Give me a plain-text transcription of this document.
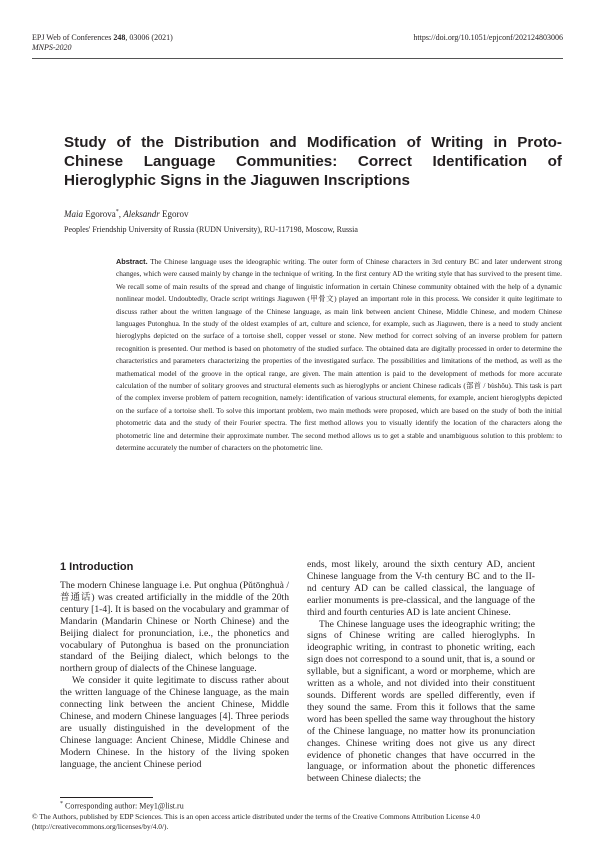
EPJ Web of Conferences 248, 03006 (2021)
MNPS-2020
https://doi.org/10.1051/epjconf/202124803006
Study of the Distribution and Modification of Writing in Proto-Chinese Language Communities: Correct Identification of Hieroglyphic Signs in the Jiaguwen Inscriptions
Maia Egorova*, Aleksandr Egorov
Peoples' Friendship University of Russia (RUDN University), RU-117198, Moscow, Russia
Abstract. The Chinese language uses the ideographic writing. The outer form of Chinese characters in 3rd century BC and later underwent strong changes, which were caused mainly by change in the technique of writing. In the first century AD the writing style that has survived to the present time. We recall some of main results of the spread and change of linguistic information in certain Chinese community obtained with the help of a dynamic nonlinear model. Undoubtedly, Oracle script writings Jiaguwen (甲骨文) played an important role in this process. We consider it quite legitimate to discuss rather about the written language of the Chinese language, as main link between ancient Chinese, Middle Chinese, and modern Chinese languages Putonghua. In the study of the oldest examples of art, culture and science, for example, such as Jiaguwen, there is a need to study ancient hieroglyphs depicted on the surface of a tortoise shell, copper vessel or stone. New method for correct solving of an inverse problem for pattern recognition is presented. Our method is based on photometry of the studied surface. The obtained data are digitally processed in order to determine the characteristics and parameters characterizing the properties of the investigated surface. The possibilities and limitations of the method, as well as the mathematical model of the groove in the optical range, are given. The main attention is paid to the development of methods for more accurate calculation of the number of solitary grooves and structural elements such as hieroglyphs or ancient Chinese radicals (部首 / bùshǒu). This task is part of the complex inverse problem of pattern recognition, namely: identification of various structural elements, for example, ancient hieroglyphs depicted on the surface of a tortoise shell. To solve this important problem, two main methods were proposed, which are based on the study of both the initial photometric data and the study of their Fourier spectra. The first method allows you to visually identify the location of the characters along the photometric line and determine their approximate number. The second method allows us to get a stable and unambiguous solution to this problem: to determine accurately the number of characters on the photometric line.
1 Introduction

The modern Chinese language i.e. Put onghua (Pǔtōnghuà / 普通话) was created artificially in the middle of the 20th century [1-4]. It is based on the vocabulary and grammar of Mandarin (Mandarin Chinese or North Chinese) and the Beijing dialect for pronunciation, i.e., the phonetics and vocabulary of Putonghua is based on the pronunciation standard of the Beijing dialect, which belongs to the northern group of dialects of the Chinese language.

We consider it quite legitimate to discuss rather about the written language of the Chinese language, as the main connecting link between the ancient Chinese, Middle Chinese, and modern Chinese languages [4]. Three periods are usually distinguished in the development of the Chinese language: Ancient Chinese, Middle Chinese and Modern Chinese. In the history of the living spoken language, the ancient Chinese period

ends, most likely, around the sixth century AD, ancient Chinese language from the V-th century BC and to the II-nd century AD can be called classical, the language of earlier monuments is pre-classical, and the language of the third and fourth centuries AD is late ancient Chinese.

The Chinese language uses the ideographic writing; the signs of Chinese writing are called hieroglyphs. In ideographic writing, in contrast to phonetic writing, each sign does not correspond to a sound unit, that is, a sound or syllable, but a significant, a word or morpheme, which are written as a whole, and not divided into their constituent sounds. Different words are spelled differently, even if they sound the same. From this it follows that the same word has been spelled the same way throughout the history of the Chinese language, no matter how its pronunciation changes. Chinese writing does not give us any direct evidence of phonetic changes that have occurred in the language, or information about the phonetic differences between Chinese dialects; the

* Corresponding author: Mey1@list.ru
© The Authors, published by EDP Sciences. This is an open access article distributed under the terms of the Creative Commons Attribution License 4.0 (http://creativecommons.org/licenses/by/4.0/).
